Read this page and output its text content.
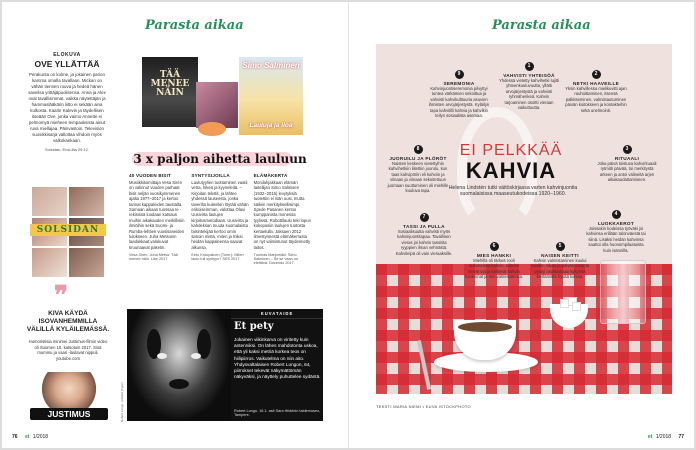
Parasta aikaa
ELOKUVA
OVE YLLÄTTÄÄ
Perakunta on kolme, ja jokainen parion kamma omalla tavallaan. Mickan on vähän tiennen rouva ja hedeä hänen savelisa yrittäjäpuolisensa. Anna ja Alex ovat tavallisimmat, vaikka näytettäjän ja hammaslääkärin liitto ei sekään aina kulkosta. Kaarle Kalevin ja täydellisen itseään Ove, jonka vaimo Annette ei pelmomyä mieheen tempauksista ainut ruva miellajaa. Päinvastoin. Television suosikkisarja vallottaa vihdoin myös valkokankaan.
Solsidan, Ensi-ilta 29.12.
SOLSIDAN
❞
KIVA KÄYDÄ ISOVANHEMMILLA VÄLILLÄ KYLÄILEMÄSSÄ.
Humoristisia minimei Justimus-filmin video oli Suomen 10. katsotuin 2017. Sinä mummu ja vaari -laulavat nippuli. youtube.com
JUSTIMUS
TÄÄ MENEE NÄIN
Simo Salminen
Lauluja ja iloa
3 x paljon aihetta lauluun
40 VUODEN BISIT
Musiikkitoimittaja Vesa Sirén on valinnut vuoden parhaat bisit neljän vuosikymmenen ajalta 1977–2017 ja kertoo tarinat kappaleiden taustalta. Samaan aikaan tuossaa Ie -rekisissä luodaan katsaus muihin aikakauden merkillisiin ilmiöihin sekä Suomi- ja Rumba-lehtien vuosisaneiden tulokseen. Juha Metsonin laadukkaat valokuvat kruunaavat paketin.
Vesa Sirén, Juha Metso: Tää menee näin. Like 2017.
SYNTYSIJOILLA
Laulutyylien tuottaminen vaatii verta, hikeä ja kyyneleitä. – Kirjoitan tekstit, ja lähtee yhdessä lauseesta, jonka taverilta kuitenkin löytää vähän erikoisemman, valottaa Olavi Uusivirta laulujen kirjoitusmetodiaan. Uusivirta ja kahdeksan muuta suomalaista biisintekijää kertoo omin sanoin mistä, miten ja miksi heidän kappaleensa saavat alkunsa.
Eeto Kruupainen (Toim.): Miten laulu tuli syntyyn? SKS 2017.
ELÄMÄKERTA
Monilahjakkaan elämän taiteilijan Simo Salmisen (1932–2015) levytyksiä tuotettiin ei isän uusi, mutta säikiin merkityksellisimpi. Spede Pasanen kertoo kumppanista monessa tyylissä. Robottilaulu teki lopun kokoposiin laulujen tuotosta kertaelulla. Jaksaen 2012 ilmestyneestä elämäkerrasta on nyt valmistunut täydennetty laitos.
Tuomas Marjomäki: Simo Salminen – Se se vaan on elettävä. Docendo 2017.
Robert Longo: Untitled (Tiger)
KUVATAIDE
Et pety
Jokainen viikinkarva on viritetty kuin antenniksi. On lähes mahdotonta uskoa, että yli kaksi metriä korkea teos on hiilipiirros. Vaikutelma on niin aito. Yhdysvaltalaisen Robert Longon, 64, piirrokset tekevät näkymättömän näkyväksi, ja näyttely puhuttelee sydäntä.
Robert Longo, 16.1. asti Sara Hildénin taidemuseo, Tampere.
76 et 1/2018
Parasta aikaa
EI PELKKÄÄ
KAHVIA
Helena Lindstén tutki väitöskirjassa varten kahvinjuontia suomalaisissa maaseutukodeissa 1920–1960.
1
VAHVISTI YHTEISÖÄ
Yhdessä vietetty kahvihetki lujitti yhteenkuuluvuutta, yllätti arvojärjestystä ja vahvisti ryhmähenkeä. Kahvin tarjoaminen osoitti vieraan vaikuttuutta.
2
NETKI HAAVEILLE
Yksin kahvillessa mielikuvitti ajan rauhoittaminen, itsensä palkitseminen, valmistautuminen päivän koitokseen ja kontakteihin sekä unelmointi.
3
RITUAALI
Joka päivä toistuva kahvirituaali rytmitti päivää, toi merkitystä arkeen ja antoi välineitä arjen aikakaudattamiseen.
4
LUOKKAEROT
Joissakin kodeissa työväki joi kahvinsa erillään talonväestä tai siinä. Lisäksi heidän kahvinsa saattoi olla huonompilaatuista kuin isännillä.
5
NAISEN KEITTI
Kahvin valmistaminen kuului naisille. Aikaa ja päivän emäntä pystyi osoittamaan kykynsä keittämällä hyvää kahvia.
6
MIES HANKKI
Miehillä oli tärkeä rooli sukuneissa kahvin, sillä he veivät vat ja säilöivät kahvin hankinnat ja sen valmistamista.
7
TASSI JA PULLA
Sosiaalisuutta vahvisti myös kahvinjuontitapaa. Tavallinen vieras joi kahvin tassista ryyppien ilman vehnästä. Kahvileipä oli vain vieraaksille.
8
JUORUILU JA PLÖRÖT
Naisten keskeen vietettyihin kahvihetkiin liitettiin juorulu, kun taas kahvipöriin eli kahviin ja viinaan ja viinaan sekoitettuun juomaan suuttuminen oli miehille kuuluva tapa.
9
SEREMONIA
Kahvinjuontiseremonia pilvyttyi tuntea värkämien sekoittua ja vahvisti kahvikulttuuria asuvien ihmisten arvojärjestystä. Kyläilyn tapa kahvitilli kahvia ja kahvikin teilyn sosiaalista asemaa.
TEKSTI MARIA NIEMI • KUVA ISTOCKPHOTO
et 1/2018 77
